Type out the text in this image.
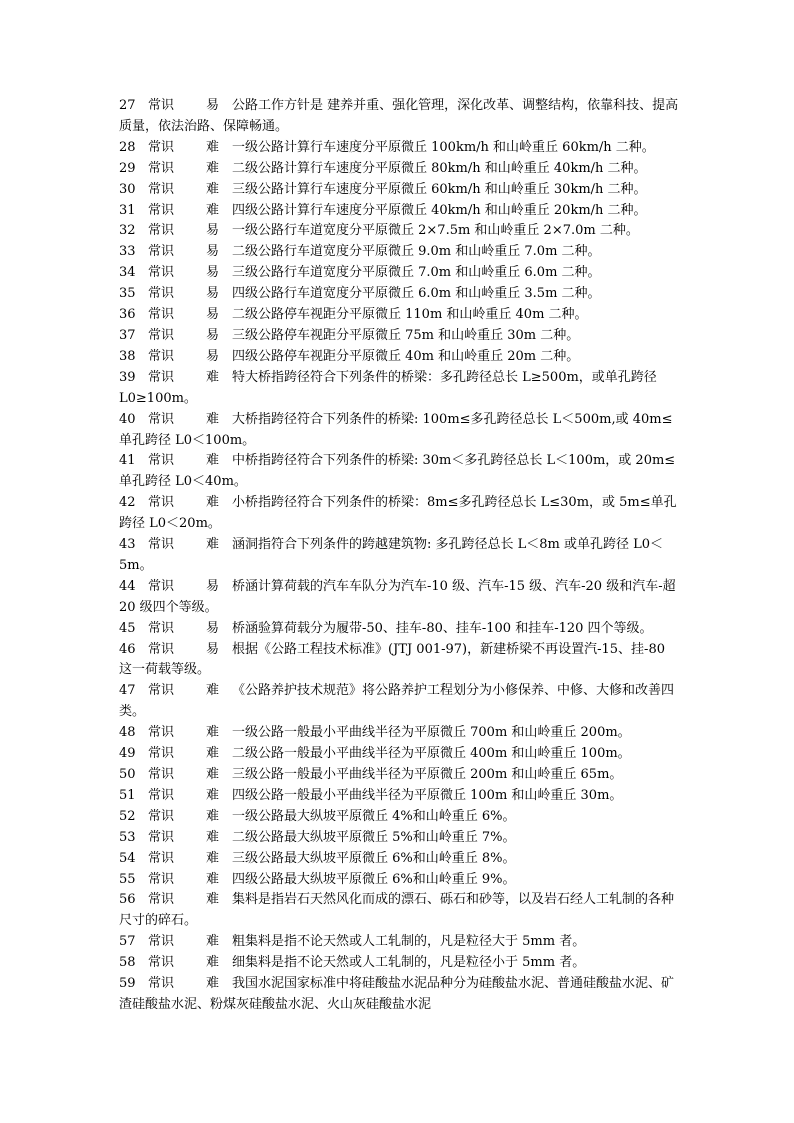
27 常识 易 公路工作方针是 建养并重、强化管理，深化改革、调整结构，依靠科技、提高质量，依法治路、保障畅通。
28 常识 难 一级公路计算行车速度分平原微丘 100km/h 和山岭重丘 60km/h 二种。
29 常识 难 二级公路计算行车速度分平原微丘 80km/h 和山岭重丘 40km/h 二种。
30 常识 难 三级公路计算行车速度分平原微丘 60km/h 和山岭重丘 30km/h 二种。
31 常识 难 四级公路计算行车速度分平原微丘 40km/h 和山岭重丘 20km/h 二种。
32 常识 易 一级公路行车道宽度分平原微丘 2×7.5m 和山岭重丘 2×7.0m 二种。
33 常识 易 二级公路行车道宽度分平原微丘 9.0m 和山岭重丘 7.0m 二种。
34 常识 易 三级公路行车道宽度分平原微丘 7.0m 和山岭重丘 6.0m 二种。
35 常识 易 四级公路行车道宽度分平原微丘 6.0m 和山岭重丘 3.5m 二种。
36 常识 易 二级公路停车视距分平原微丘 110m 和山岭重丘 40m 二种。
37 常识 易 三级公路停车视距分平原微丘 75m 和山岭重丘 30m 二种。
38 常识 易 四级公路停车视距分平原微丘 40m 和山岭重丘 20m 二种。
39 常识 难 特大桥指跨径符合下列条件的桥梁：多孔跨径总长 L≥500m，或单孔跨径 L0≥100m。
40 常识 难 大桥指跨径符合下列条件的桥梁: 100m≤多孔跨径总长 L＜500m,或 40m≤单孔跨径 L0＜100m。
41 常识 难 中桥指跨径符合下列条件的桥梁: 30m＜多孔跨径总长 L＜100m，或 20m≤单孔跨径 L0＜40m。
42 常识 难 小桥指跨径符合下列条件的桥梁：8m≤多孔跨径总长 L≤30m，或 5m≤单孔跨径 L0＜20m。
43 常识 难 涵洞指符合下列条件的跨越建筑物: 多孔跨径总长 L＜8m 或单孔跨径 L0＜5m。
44 常识 易 桥涵计算荷载的汽车车队分为汽车-10 级、汽车-15 级、汽车-20 级和汽车-超 20 级四个等级。
45 常识 易 桥涵验算荷载分为履带-50、挂车-80、挂车-100 和挂车-120 四个等级。
46 常识 易 根据《公路工程技术标准》(JTJ 001-97)，新建桥梁不再设置汽-15、挂-80 这一荷载等级。
47 常识 难 《公路养护技术规范》将公路养护工程划分为小修保养、中修、大修和改善四类。
48 常识 难 一级公路一般最小平曲线半径为平原微丘 700m 和山岭重丘 200m。
49 常识 难 二级公路一般最小平曲线半径为平原微丘 400m 和山岭重丘 100m。
50 常识 难 三级公路一般最小平曲线半径为平原微丘 200m 和山岭重丘 65m。
51 常识 难 四级公路一般最小平曲线半径为平原微丘 100m 和山岭重丘 30m。
52 常识 难 一级公路最大纵坡平原微丘 4%和山岭重丘 6%。
53 常识 难 二级公路最大纵坡平原微丘 5%和山岭重丘 7%。
54 常识 难 三级公路最大纵坡平原微丘 6%和山岭重丘 8%。
55 常识 难 四级公路最大纵坡平原微丘 6%和山岭重丘 9%。
56 常识 难 集料是指岩石天然风化而成的漂石、砾石和砂等，以及岩石经人工轧制的各种尺寸的碎石。
57 常识 难 粗集料是指不论天然或人工轧制的，凡是粒径大于 5mm 者。
58 常识 难 细集料是指不论天然或人工轧制的，凡是粒径小于 5mm 者。
59 常识 难 我国水泥国家标准中将硅酸盐水泥品种分为硅酸盐水泥、普通硅酸盐水泥、矿渣硅酸盐水泥、粉煤灰硅酸盐水泥、火山灰硅酸盐水泥
